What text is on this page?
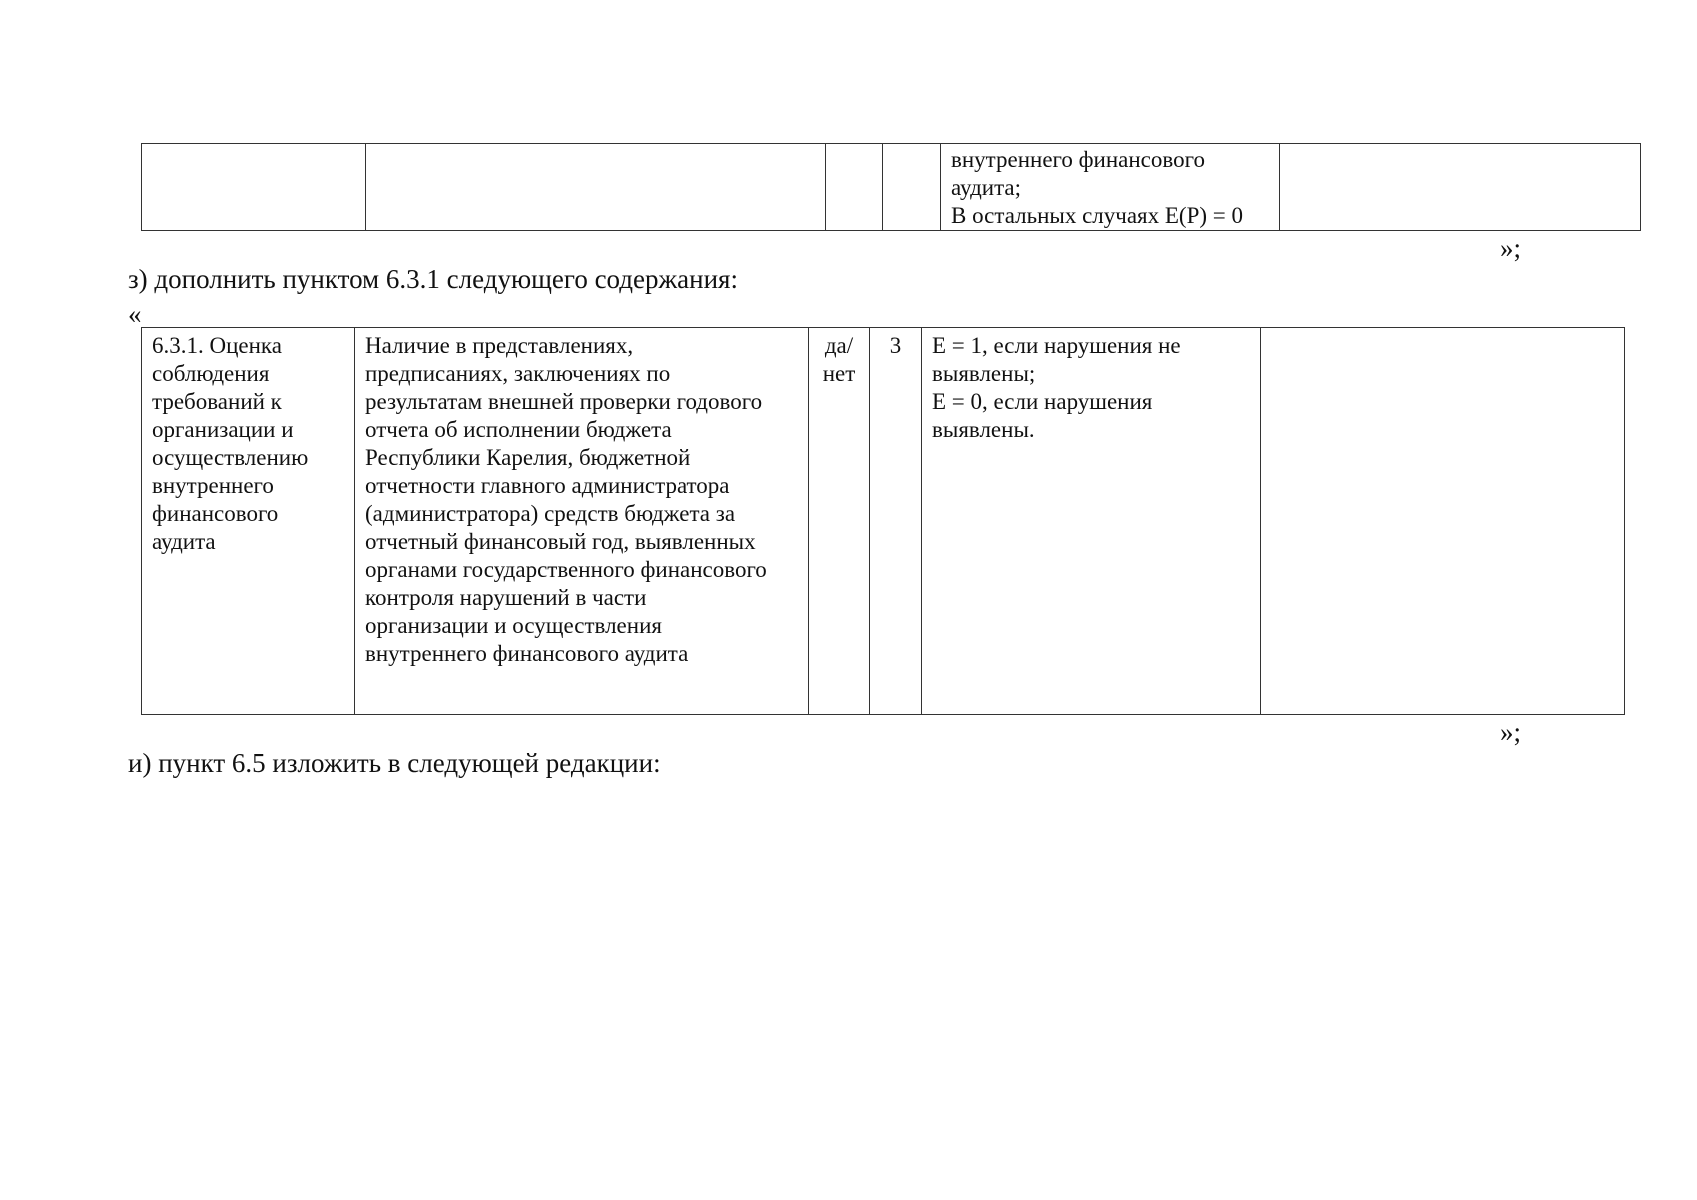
				внутреннего финансового
аудита;
В остальных случаях Е(Р) = 0	
»;
з) дополнить пунктом 6.3.1 следующего содержания:
«
6.3.1. Оценка
соблюдения
требований к
организации и
осуществлению
внутреннего
финансового
аудита	Наличие в представлениях,
предписаниях, заключениях по
результатам внешней проверки годового
отчета об исполнении бюджета
Республики Карелия, бюджетной
отчетности главного администратора
(администратора) средств бюджета за
отчетный финансовый год, выявленных
органами государственного финансового
контроля нарушений в части
организации и осуществления
внутреннего финансового аудита	да/
нет	3	Е = 1, если нарушения не
выявлены;
Е = 0, если нарушения
выявлены.	
»;
и) пункт 6.5 изложить в следующей редакции:
